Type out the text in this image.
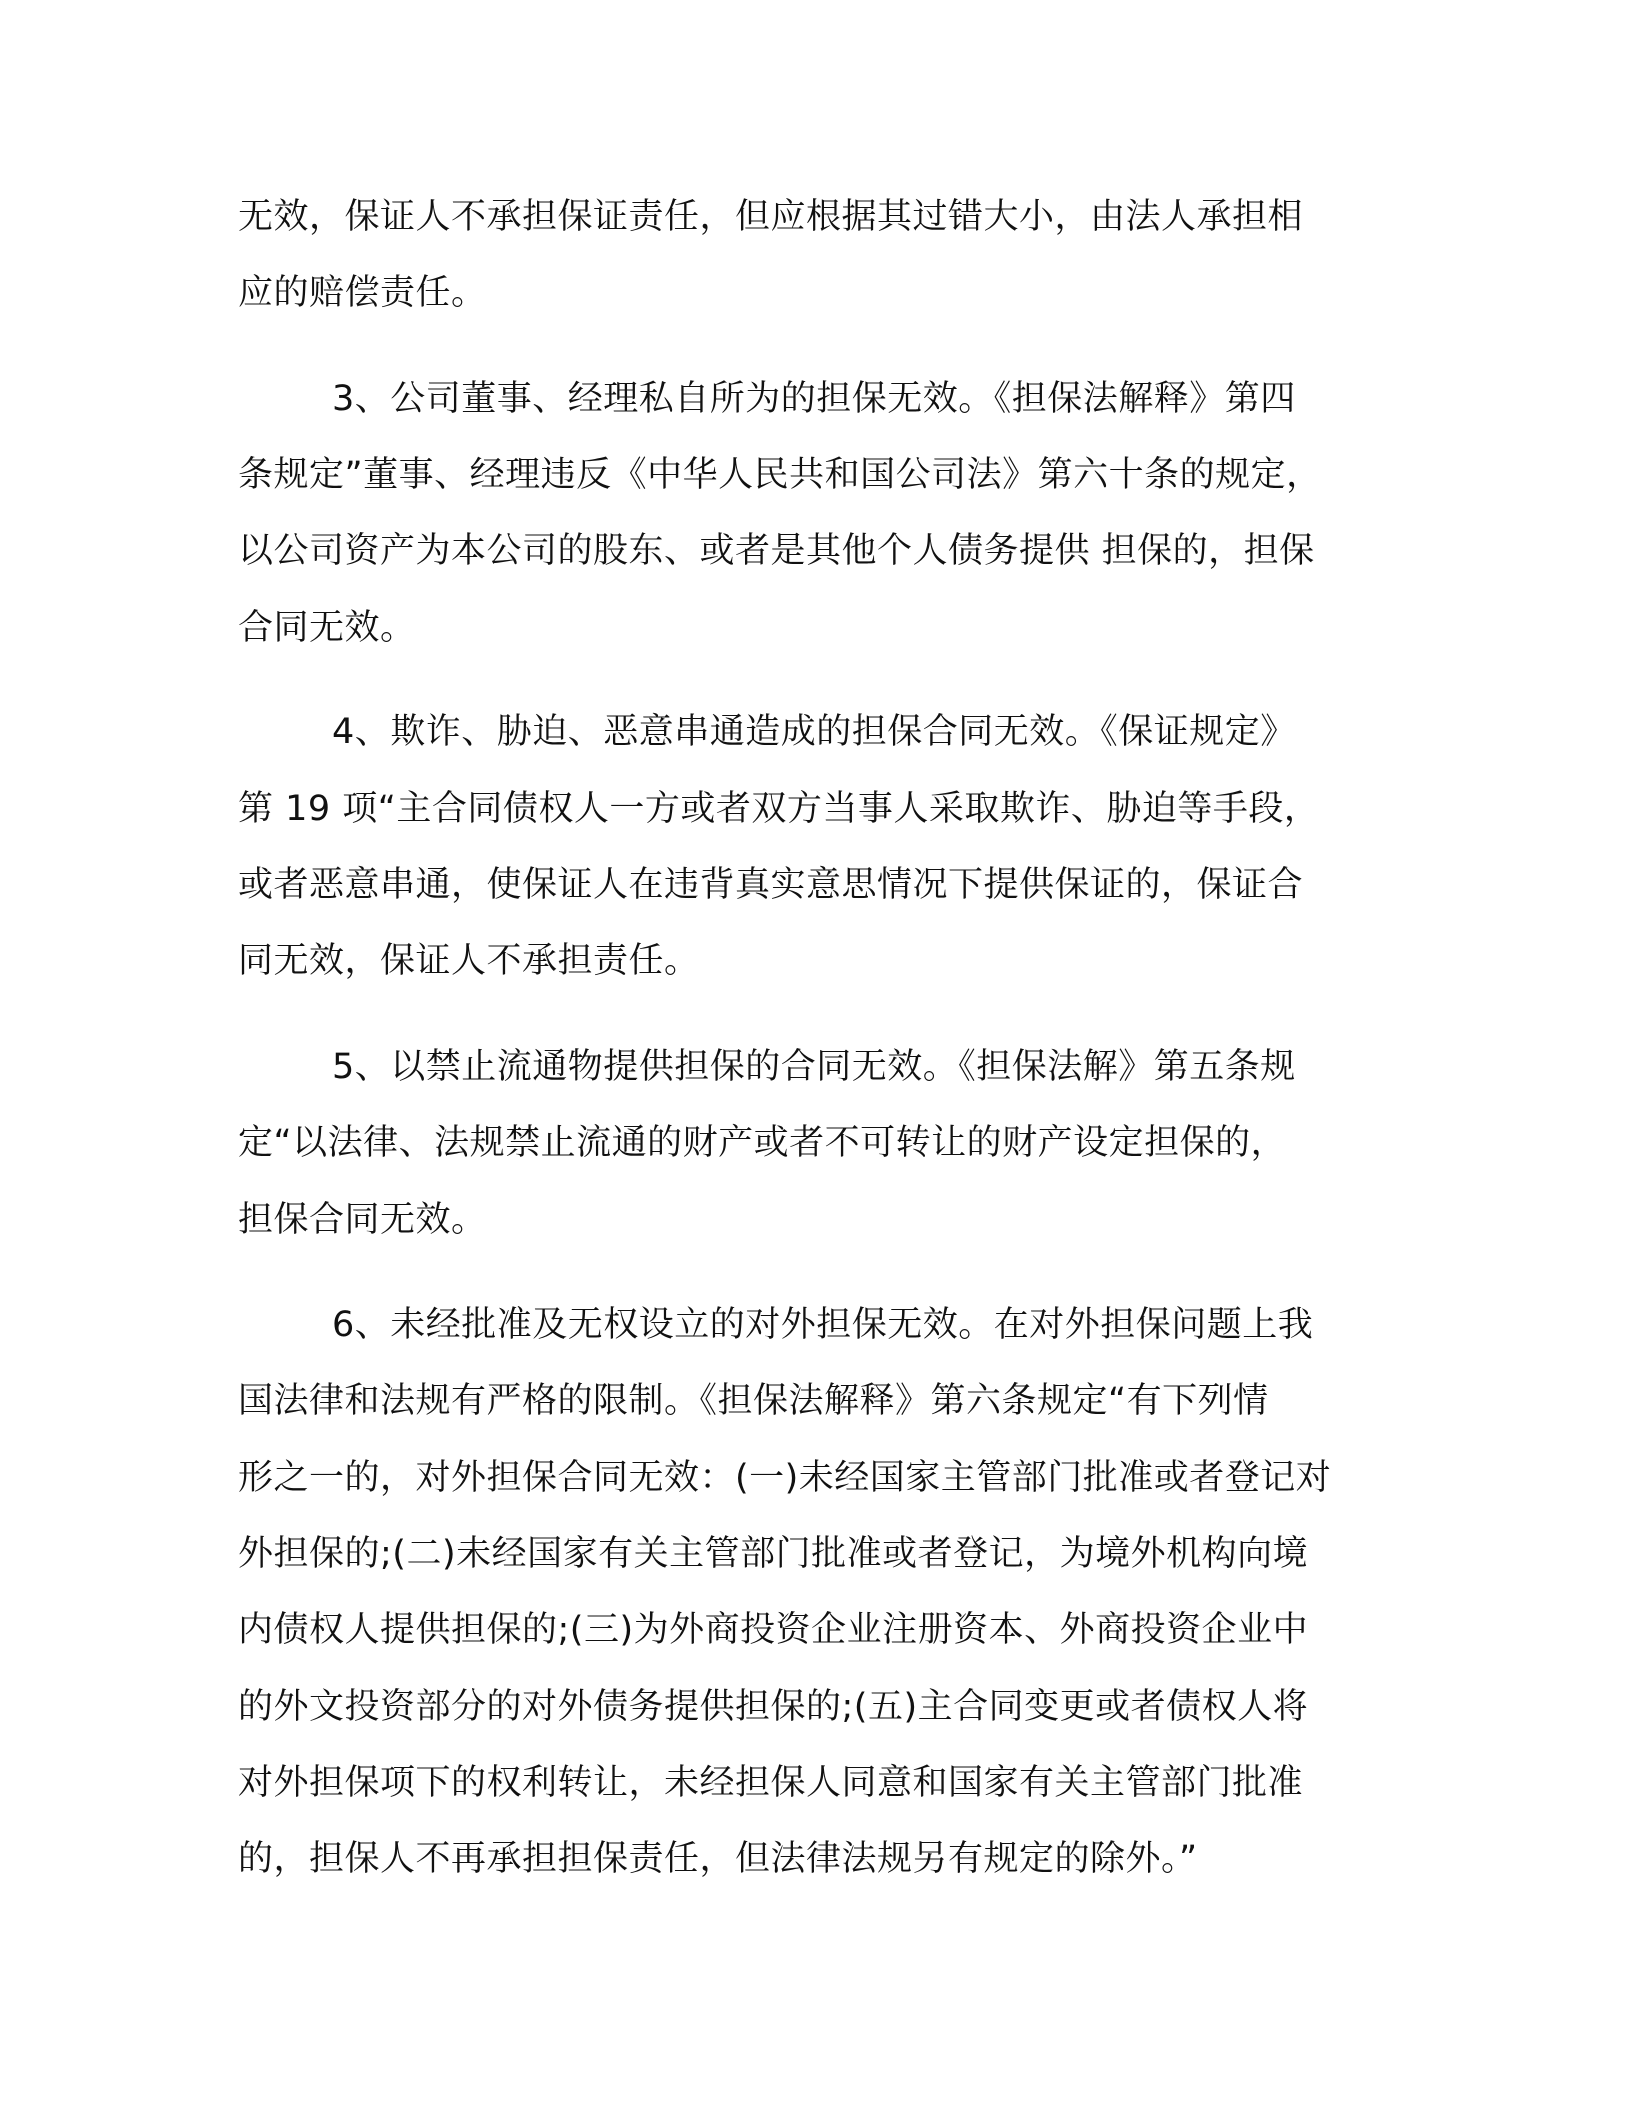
无效，保证人不承担保证责任，但应根据其过错大小，由法人承担相
应的赔偿责任。
3、公司董事、经理私自所为的担保无效。《担保法解释》第四
条规定”董事、经理违反《中华人民共和国公司法》第六十条的规定，
以公司资产为本公司的股东、或者是其他个人债务提供 担保的，担保
合同无效。
4、欺诈、胁迫、恶意串通造成的担保合同无效。《保证规定》
第 19 项“主合同债权人一方或者双方当事人采取欺诈、胁迫等手段，
或者恶意串通，使保证人在违背真实意思情况下提供保证的，保证合
同无效，保证人不承担责任。
5、以禁止流通物提供担保的合同无效。《担保法解》第五条规
定“以法律、法规禁止流通的财产或者不可转让的财产设定担保的，
担保合同无效。
6、未经批准及无权设立的对外担保无效。在对外担保问题上我
国法律和法规有严格的限制。《担保法解释》第六条规定“有下列情
形之一的，对外担保合同无效：(一)未经国家主管部门批准或者登记对
外担保的;(二)未经国家有关主管部门批准或者登记，为境外机构向境
内债权人提供担保的;(三)为外商投资企业注册资本、外商投资企业中
的外文投资部分的对外债务提供担保的;(五)主合同变更或者债权人将
对外担保项下的权利转让，未经担保人同意和国家有关主管部门批准
的，担保人不再承担担保责任，但法律法规另有规定的除外。”
